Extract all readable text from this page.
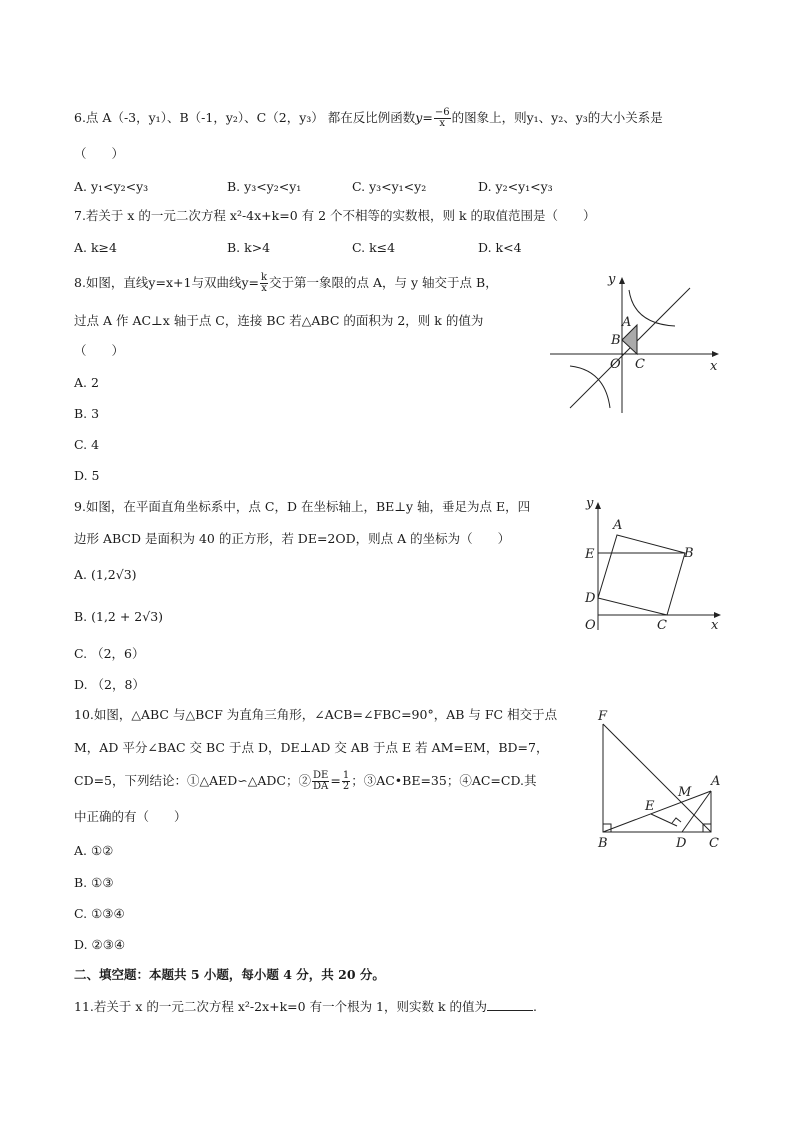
6.点 A（-3，y₁）、B（-1，y₂）、C（2，y₃） 都在反比例函数$y= \frac{-6}{x}$ 的图象上，则y₁、y₂、y₃的大小关系是
（　　）
A. y₁<y₂<y₃	B. y₃<y₂<y₁	C. y₃<y₁<y₂	D. y₂<y₁<y₃
7.若关于 x 的一元二次方程 x²-4x+k=0 有 2 个不相等的实数根，则 k 的取值范围是（　　）
A. k≥4	B. k>4	C. k≤4	D. k<4
8.如图，直线y=x+1与双曲线$y= \frac{k}{x}$ 交于第一象限的点 A，与 y 轴交于点 B，
过点 A 作 AC⊥x 轴于点 C，连接 BC 若△ABC 的面积为 2，则 k 的值为
（　　）
A. 2
B. 3
C. 4
D. 5
y
x
A
B
O C
9.如图，在平面直角坐标系中，点 C，D 在坐标轴上，BE⊥y 轴，垂足为点 E，四
边形 ABCD 是面积为 40 的正方形，若 DE=2OD，则点 A 的坐标为（　　）
A. (1,2√3)
B. (1,2 + 2√3)
C. （2，6）
D. （2，8）
y
x
A
B
E
D
O	C
10.如图，△ABC 与△BCF 为直角三角形，∠ACB=∠FBC=90°，AB 与 FC 相交于点
M，AD 平分∠BAC 交 BC 于点 D，DE⊥AD 交 AB 于点 E 若 AM=EM，BD=7，
CD=5，下列结论：①△AED∽△ADC；② $\frac{DE}{DA} = \frac{1}{2}$ ；③AC•BE=35；④AC=CD.其
中正确的有（　　）
A. ①②
B. ①③
C. ①③④
D. ②③④
F
A
M
E
B	D C
二、填空题：本题共 5 小题，每小题 4 分，共 20 分。
11.若关于 x 的一元二次方程 x²-2x+k=0 有一个根为 1，则实数 k 的值为	.
